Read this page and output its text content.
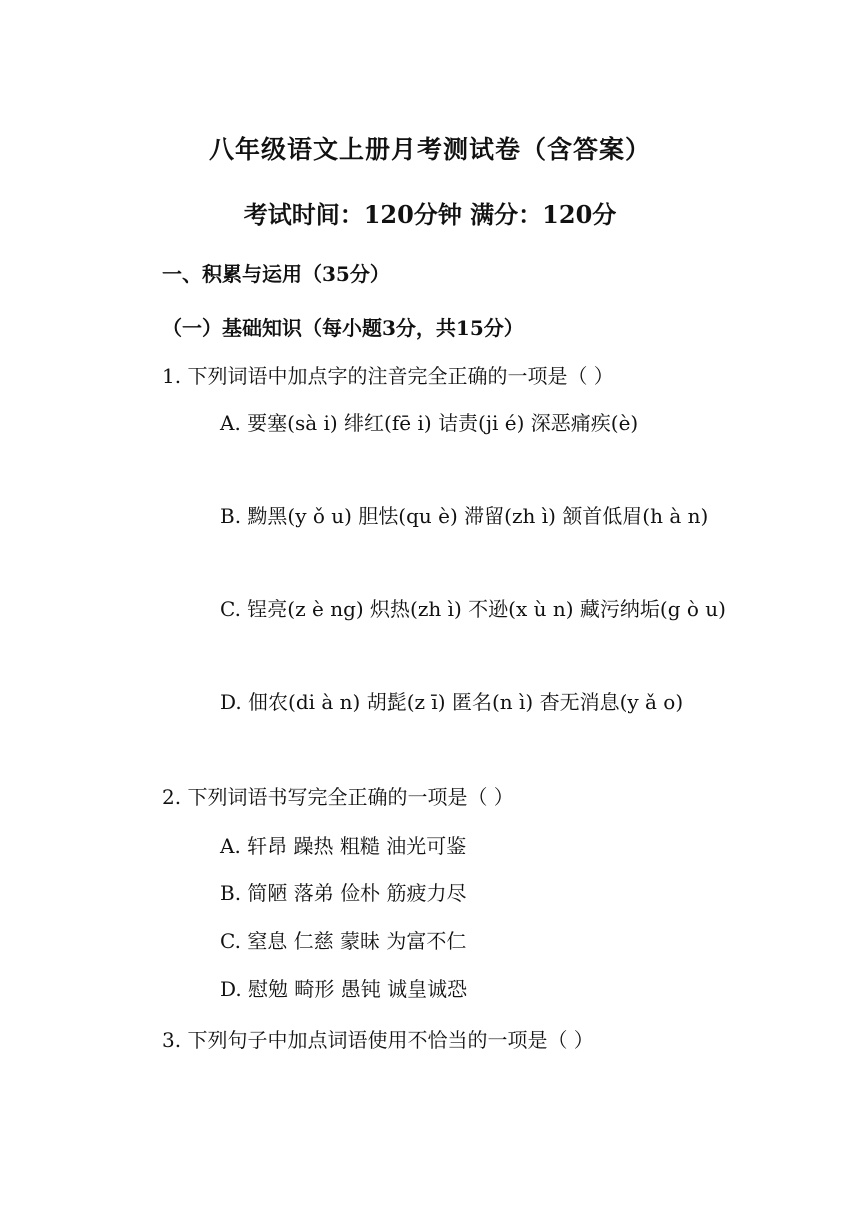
八年级语文上册月考测试卷（含答案）
考试时间：120分钟 满分：120分
一、积累与运用（35分）
（一）基础知识（每小题3分，共15分）
1. 下列词语中加点字的注音完全正确的一项是（ ）
A. 要塞(sà i) 绯红(fē i) 诘责(ji é) 深恶痛疾(è)
B. 黝黑(y ǒ u) 胆怯(qu è) 滞留(zh ì) 颔首低眉(h à n)
C. 锃亮(z è ng) 炽热(zh ì) 不逊(x ù n) 藏污纳垢(g ò u)
D. 佃农(di à n) 胡髭(z ī) 匿名(n ì) 杳无消息(y ǎ o)
2. 下列词语书写完全正确的一项是（ ）
A. 轩昂 躁热 粗糙 油光可鉴
B. 简陋 落弟 俭朴 筋疲力尽
C. 窒息 仁慈 蒙昧 为富不仁
D. 慰勉 畸形 愚钝 诚皇诚恐
3. 下列句子中加点词语使用不恰当的一项是（ ）
